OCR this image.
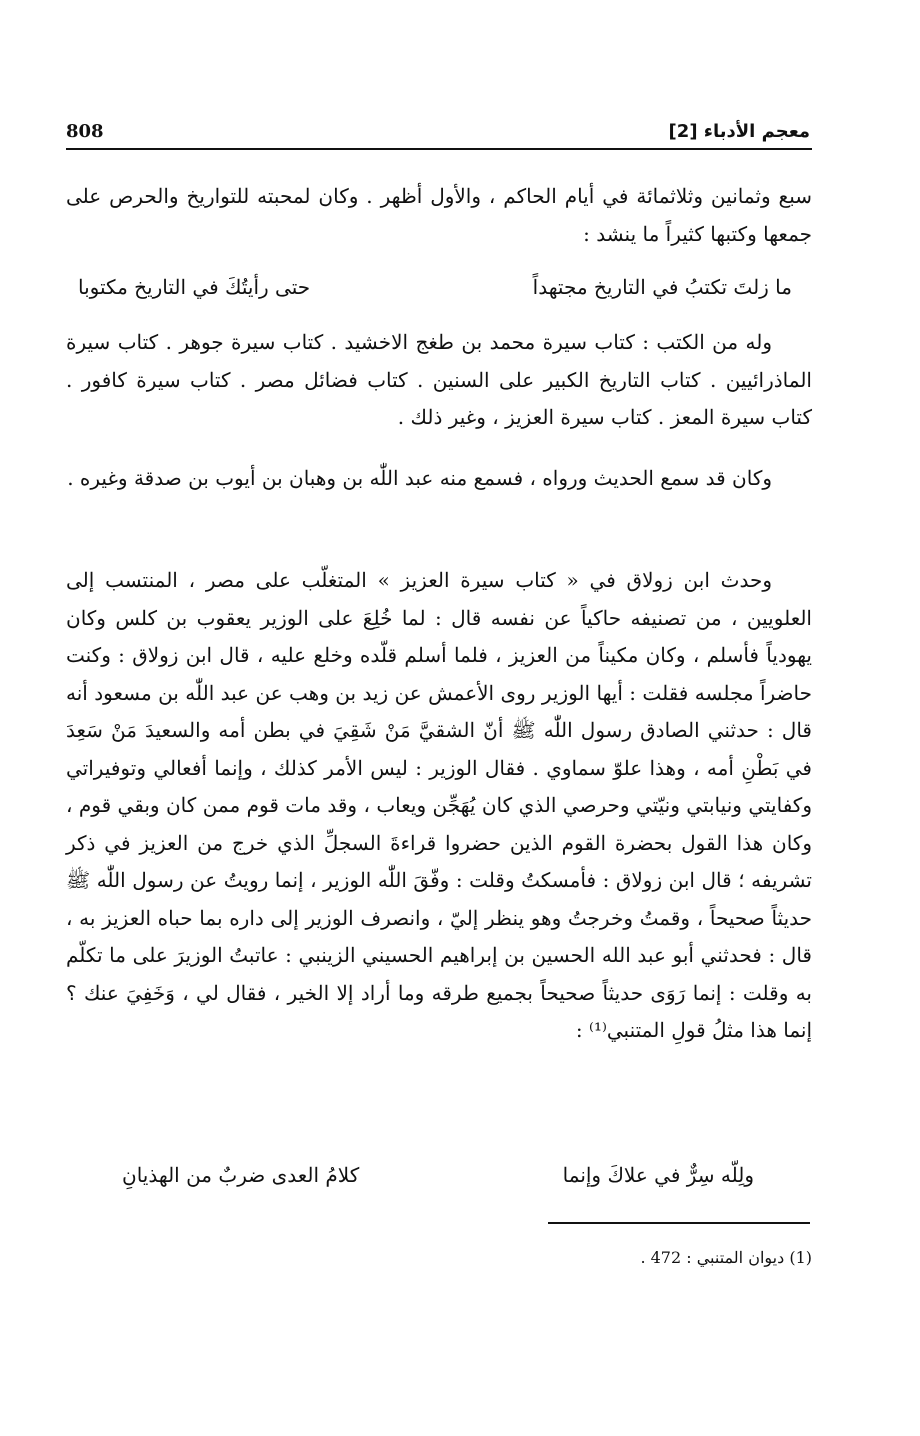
معجم الأدباء [2]
808

سبع وثمانين وثلاثمائة في أيام الحاكم ، والأول أظهر . وكان لمحبته للتواريخ والحرص على جمعها وكتبها كثيراً ما ينشد :

ما زلتَ تكتبُ في التاريخ مجتهداً
حتى رأيتُكَ في التاريخ مكتوبا

وله من الكتب : كتاب سيرة محمد بن طغج الاخشيد . كتاب سيرة جوهر . كتاب سيرة الماذرائيين . كتاب التاريخ الكبير على السنين . كتاب فضائل مصر . كتاب سيرة كافور . كتاب سيرة المعز . كتاب سيرة العزيز ، وغير ذلك .

وكان قد سمع الحديث ورواه ، فسمع منه عبد اللّٰه بن وهبان بن أيوب بن صدقة وغيره .

وحدث ابن زولاق في « كتاب سيرة العزيز » المتغلّب على مصر ، المنتسب إلى العلويين ، من تصنيفه حاكياً عن نفسه قال : لما خُلِعَ على الوزير يعقوب بن كلس وكان يهودياً فأسلم ، وكان مكيناً من العزيز ، فلما أسلم قلّده وخلع عليه ، قال ابن زولاق : وكنت حاضراً مجلسه فقلت : أيها الوزير روى الأعمش عن زيد بن وهب عن عبد اللّٰه بن مسعود أنه قال : حدثني الصادق رسول اللّٰه ﷺ أنّ الشقيَّ مَنْ شَقِيَ في بطن أمه والسعيدَ مَنْ سَعِدَ في بَطْنِ أمه ، وهذا علوّ سماوي . فقال الوزير : ليس الأمر كذلك ، وإنما أفعالي وتوفيراتي وكفايتي ونيابتي ونيّتي وحرصي الذي كان يُهَجِّن ويعاب ، وقد مات قوم ممن كان وبقي قوم ، وكان هذا القول بحضرة القوم الذين حضروا قراءةَ السجلِّ الذي خرج من العزيز في ذكر تشريفه ؛ قال ابن زولاق : فأمسكتُ وقلت : وفّقَ اللّٰه الوزير ، إنما رويتُ عن رسول اللّٰه ﷺ حديثاً صحيحاً ، وقمتُ وخرجتُ وهو ينظر إليّ ، وانصرف الوزير إلى داره بما حباه العزيز به ، قال : فحدثني أبو عبد الله الحسين بن إبراهيم الحسيني الزينبي : عاتبتُ الوزيرَ على ما تكلّم به وقلت : إنما رَوَى حديثاً صحيحاً بجميع طرقه وما أراد إلا الخير ، فقال لي ، وَخَفِيَ عنك ؟ إنما هذا مثلُ قولِ المتنبي⁽¹⁾ :

ولِلّه سِرٌّ في علاكَ وإنما
كلامُ العدى ضربٌ من الهذيانِ
(1) ديوان المتنبي : 472 .
